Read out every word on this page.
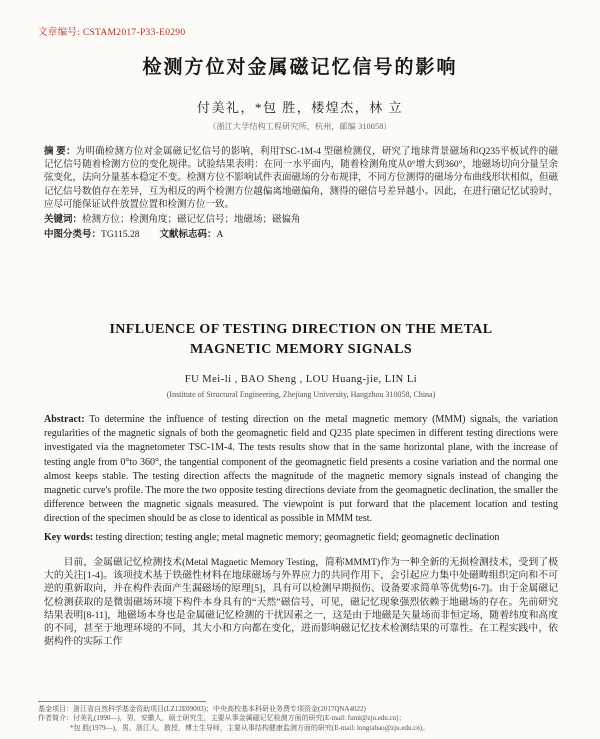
文章编号: CSTAM2017-P33-E0290
检测方位对金属磁记忆信号的影响
付美礼，*包 胜，楼煌杰，林 立
（浙江大学结构工程研究所，杭州，邮编 310058）

摘 要：为明确检测方位对金属磁记忆信号的影响，利用TSC-1M-4 型磁检测仪，研究了地球背景磁场和Q235平板试件的磁记忆信号随着检测方位的变化规律。试验结果表明：在同一水平面内，随着检测角度从0°增大到360°，地磁场切向分量呈余弦变化，法向分量基本稳定不变。检测方位不影响试件表面磁场的分布规律，不同方位测得的磁场分布曲线形状相似，但磁记忆信号数值存在差异，互为相反的两个检测方位越偏离地磁偏角，测得的磁信号差异越小。因此，在进行磁记忆试验时，应尽可能保证试件放置位置和检测方位一致。

关键词：检测方位；检测角度；磁记忆信号；地磁场；磁偏角

中图分类号：TG115.28 文献标志码：A

INFLUENCE OF TESTING DIRECTION ON THE METAL MAGNETIC MEMORY SIGNALS
FU Mei-li , BAO Sheng , LOU Huang-jie, LIN Li
(Institute of Structural Engineering, Zhejiang University, Hangzhou 310058, China)

Abstract: To determine the influence of testing direction on the metal magnetic memory (MMM) signals, the variation regularities of the magnetic signals of both the geomagnetic field and Q235 plate specimen in different testing directions were investigated via the magnetometer TSC-1M-4. The tests results show that in the same horizontal plane, with the increase of testing angle from 0°to 360°, the tangential component of the geomagnetic field presents a cosine variation and the normal one almost keeps stable. The testing direction affects the magnitude of the magnetic memory signals instead of changing the magnetic curve's profile. The more the two opposite testing directions deviate from the geomagnetic declination, the smaller the difference between the magnetic signals measured. The viewpoint is put forward that the placement location and testing direction of the specimen should be as close to identical as possible in MMM test.

Key words: testing direction; testing angle; metal magnetic memory; geomagnetic field; geomagnetic declination

目前，金属磁记忆检测技术(Metal Magnetic Memory Testing，简称MMMT)作为一种全新的无损检测技术，受到了极大的关注[1-4]。该项技术基于铁磁性材料在地球磁场与外界应力的共同作用下，会引起应力集中处磁畴组织定向和不可逆的重新取向，并在构件表面产生漏磁场的原理[5]，具有可以检测早期损伤、设备要求简单等优势[6-7]。由于金属磁记忆检测获取的是微弱磁场环境下构件本身具有的“天然”磁信号，可见，磁记忆现象强烈依赖于地磁场的存在。先前研究结果表明[8-11]，地磁场本身也是金属磁记忆检测的干扰因素之一，这是由于地磁是矢量场而非恒定场，随着纬度和高度的不同，甚至于地理环境的不同，其大小和方向都在变化，进而影响磁记忆技术检测结果的可靠性。在工程实践中，依据构件的实际工作

基金项目：浙江省自然科学基金资助项目(LZ12E09003)；中央高校基本科研业务费专项资金(2017QNA4022)
作者简介：付美礼(1990—)，男，安徽人，硕士研究生，主要从事金属磁记忆检测方面的研究(E-mail: fuml@zju.edu.cn)；
*包 胜(1979—)，男，浙江人，教授，博士生导师，主要从事结构健康监测方面的研究(E-mail: longtabao@zju.edu.cn)。
